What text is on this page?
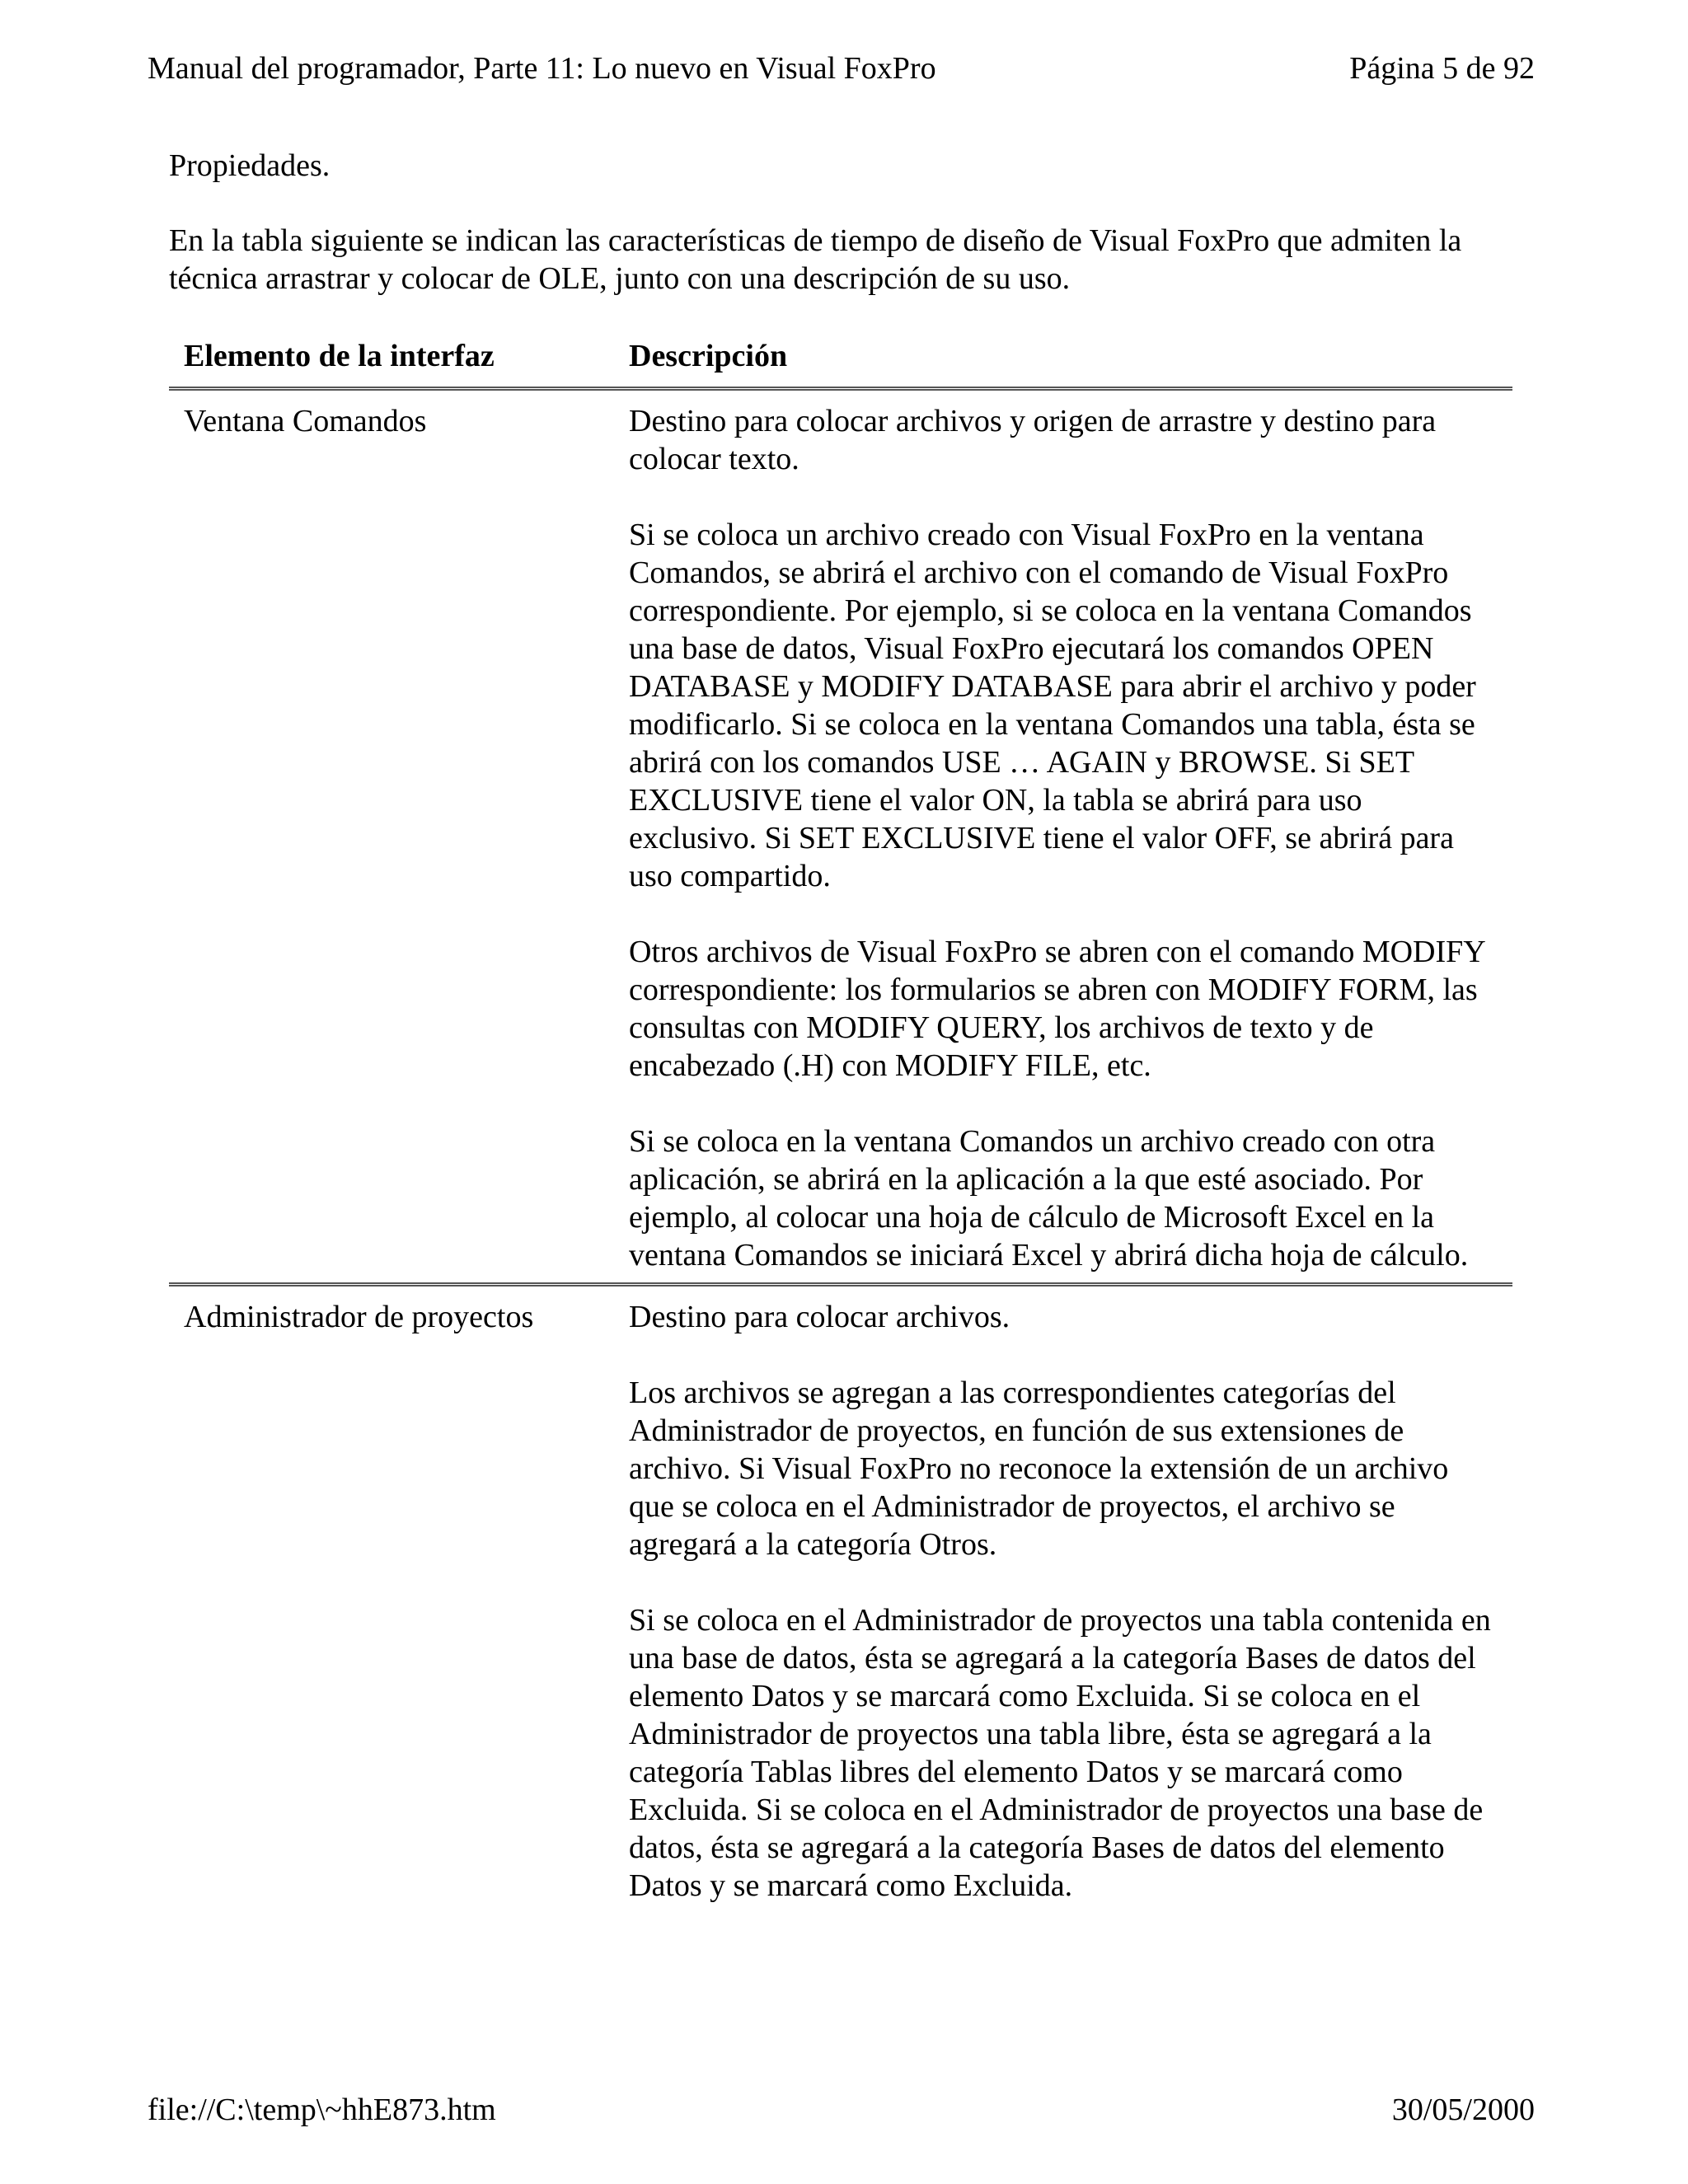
Manual del programador, Parte 11: Lo nuevo en Visual FoxPro	Página 5 de 92

Propiedades.

En la tabla siguiente se indican las características de tiempo de diseño de Visual FoxPro que admiten la técnica arrastrar y colocar de OLE, junto con una descripción de su uso.

Elemento de la interfaz	Descripción
Ventana Comandos	Destino para colocar archivos y origen de arrastre y destino para colocar texto.

Si se coloca un archivo creado con Visual FoxPro en la ventana Comandos, se abrirá el archivo con el comando de Visual FoxPro correspondiente. Por ejemplo, si se coloca en la ventana Comandos una base de datos, Visual FoxPro ejecutará los comandos OPEN DATABASE y MODIFY DATABASE para abrir el archivo y poder modificarlo. Si se coloca en la ventana Comandos una tabla, ésta se abrirá con los comandos USE … AGAIN y BROWSE. Si SET EXCLUSIVE tiene el valor ON, la tabla se abrirá para uso exclusivo. Si SET EXCLUSIVE tiene el valor OFF, se abrirá para uso compartido.

Otros archivos de Visual FoxPro se abren con el comando MODIFY correspondiente: los formularios se abren con MODIFY FORM, las consultas con MODIFY QUERY, los archivos de texto y de encabezado (.H) con MODIFY FILE, etc.

Si se coloca en la ventana Comandos un archivo creado con otra aplicación, se abrirá en la aplicación a la que esté asociado. Por ejemplo, al colocar una hoja de cálculo de Microsoft Excel en la ventana Comandos se iniciará Excel y abrirá dicha hoja de cálculo.

Administrador de proyectos	Destino para colocar archivos.

Los archivos se agregan a las correspondientes categorías del Administrador de proyectos, en función de sus extensiones de archivo. Si Visual FoxPro no reconoce la extensión de un archivo que se coloca en el Administrador de proyectos, el archivo se agregará a la categoría Otros.

Si se coloca en el Administrador de proyectos una tabla contenida en una base de datos, ésta se agregará a la categoría Bases de datos del elemento Datos y se marcará como Excluida. Si se coloca en el Administrador de proyectos una tabla libre, ésta se agregará a la categoría Tablas libres del elemento Datos y se marcará como Excluida. Si se coloca en el Administrador de proyectos una base de datos, ésta se agregará a la categoría Bases de datos del elemento Datos y se marcará como Excluida.

file://C:\temp\~hhE873.htm	30/05/2000
